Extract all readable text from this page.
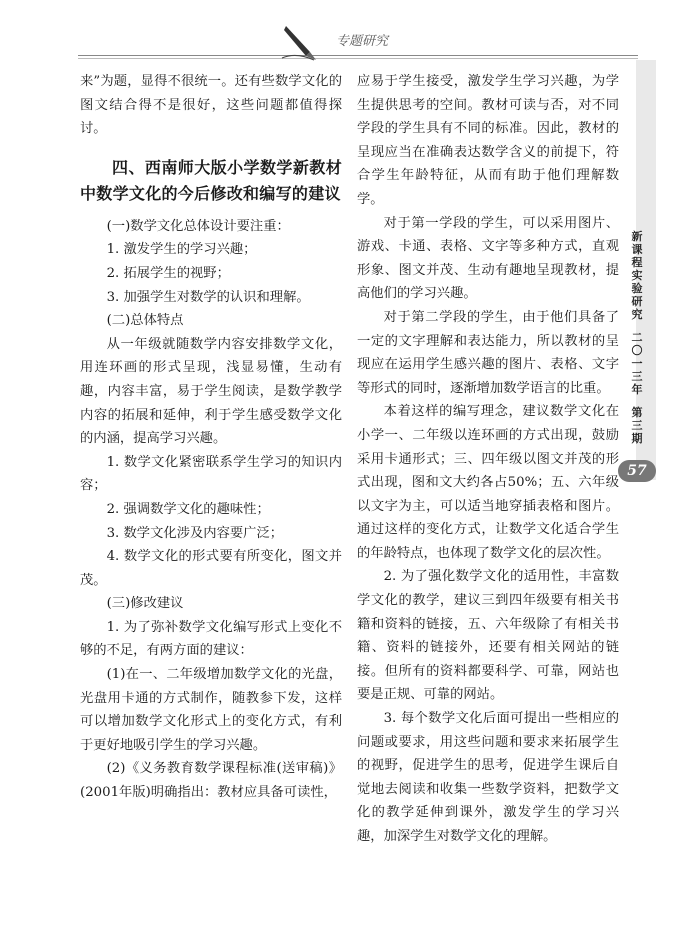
专题研究
新课程实验研究
二〇一三年
第三期
57

来”为题，显得不很统一。还有些数学文化的图文结合得不是很好，这些问题都值得探讨。

四、西南师大版小学数学新教材中数学文化的今后修改和编写的建议

(一)数学文化总体设计要注重：

1. 激发学生的学习兴趣；

2. 拓展学生的视野；

3. 加强学生对数学的认识和理解。

(二)总体特点

从一年级就随数学内容安排数学文化，用连环画的形式呈现，浅显易懂，生动有趣，内容丰富，易于学生阅读，是数学教学内容的拓展和延伸，利于学生感受数学文化的内涵，提高学习兴趣。

1. 数学文化紧密联系学生学习的知识内容；

2. 强调数学文化的趣味性；

3. 数学文化涉及内容要广泛；

4. 数学文化的形式要有所变化，图文并茂。

(三)修改建议

1. 为了弥补数学文化编写形式上变化不够的不足，有两方面的建议：

(1)在一、二年级增加数学文化的光盘，光盘用卡通的方式制作，随教参下发，这样可以增加数学文化形式上的变化方式，有利于更好地吸引学生的学习兴趣。

(2)《义务教育数学课程标准(送审稿)》(2001年版)明确指出：教材应具备可读性，

应易于学生接受，激发学生学习兴趣，为学生提供思考的空间。教材可读与否，对不同学段的学生具有不同的标准。因此，教材的呈现应当在准确表达数学含义的前提下，符合学生年龄特征，从而有助于他们理解数学。

对于第一学段的学生，可以采用图片、游戏、卡通、表格、文字等多种方式，直观形象、图文并茂、生动有趣地呈现教材，提高他们的学习兴趣。

对于第二学段的学生，由于他们具备了一定的文字理解和表达能力，所以教材的呈现应在运用学生感兴趣的图片、表格、文字等形式的同时，逐渐增加数学语言的比重。

本着这样的编写理念，建议数学文化在小学一、二年级以连环画的方式出现，鼓励采用卡通形式；三、四年级以图文并茂的形式出现，图和文大约各占50%；五、六年级以文字为主，可以适当地穿插表格和图片。通过这样的变化方式，让数学文化适合学生的年龄特点，也体现了数学文化的层次性。

2. 为了强化数学文化的适用性，丰富数学文化的教学，建议三到四年级要有相关书籍和资料的链接，五、六年级除了有相关书籍、资料的链接外，还要有相关网站的链接。但所有的资料都要科学、可靠，网站也要是正规、可靠的网站。

3. 每个数学文化后面可提出一些相应的问题或要求，用这些问题和要求来拓展学生的视野，促进学生的思考，促进学生课后自觉地去阅读和收集一些数学资料，把数学文化的教学延伸到课外，激发学生的学习兴趣，加深学生对数学文化的理解。
